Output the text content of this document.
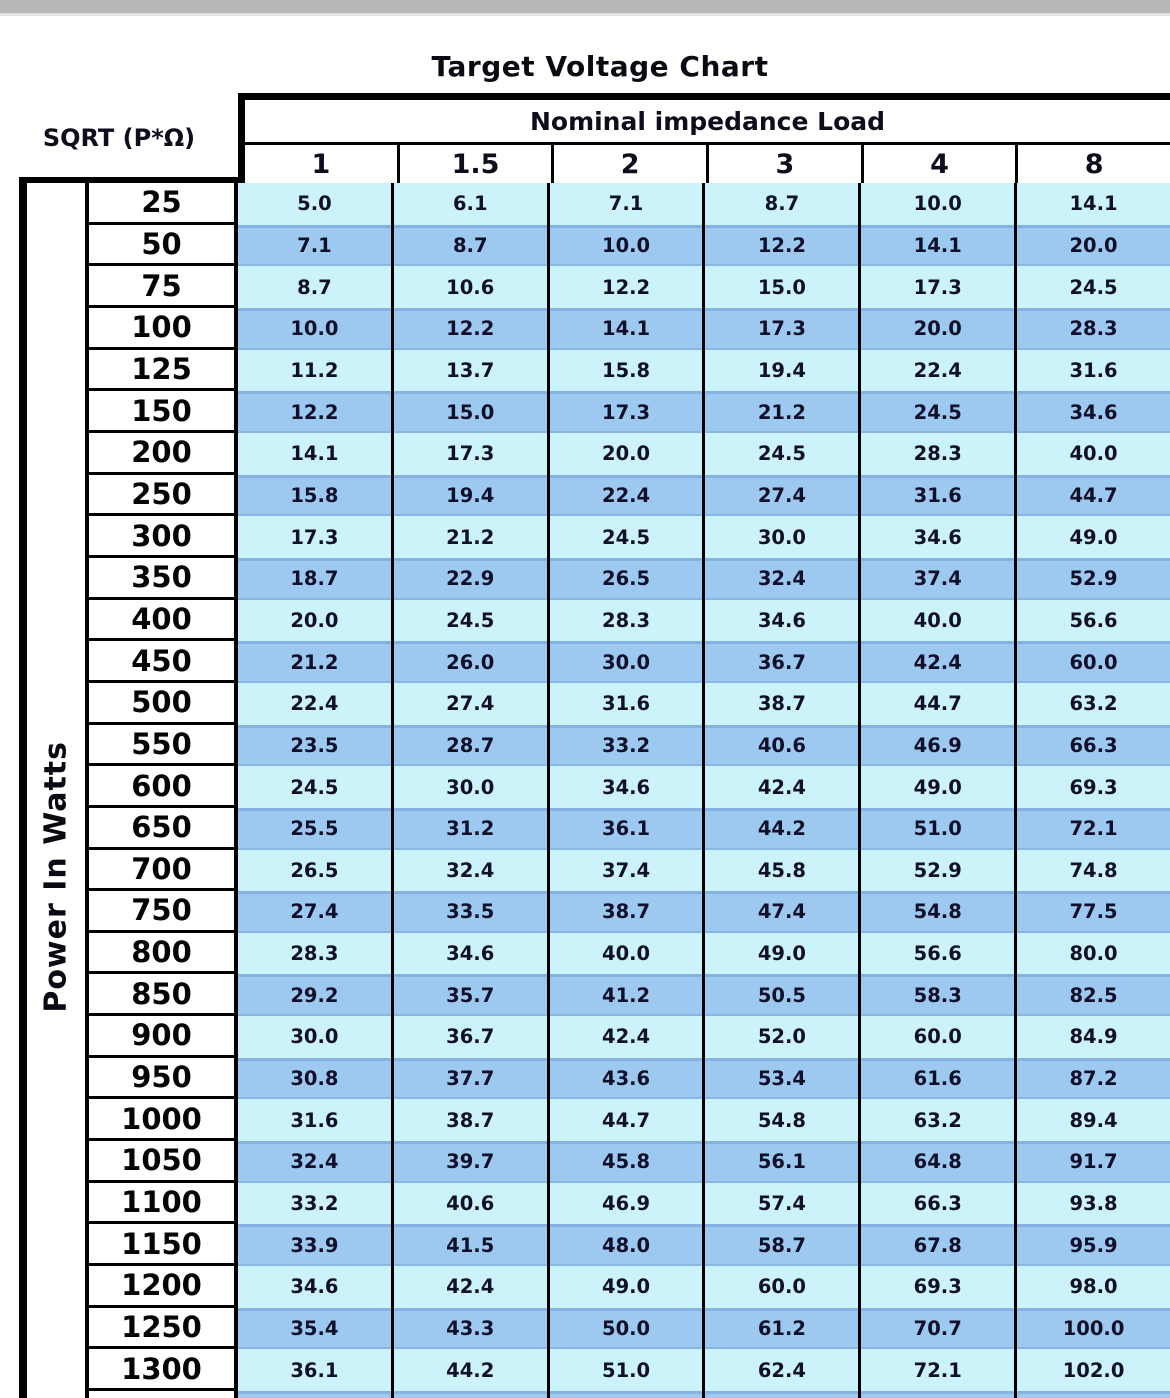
Target Voltage Chart
SQRT (P*Ω)
Nominal impedance Load
1	1.5	2	3	4	8
Power In Watts
25	5.0	6.1	7.1	8.7	10.0	14.1
50	7.1	8.7	10.0	12.2	14.1	20.0
75	8.7	10.6	12.2	15.0	17.3	24.5
100	10.0	12.2	14.1	17.3	20.0	28.3
125	11.2	13.7	15.8	19.4	22.4	31.6
150	12.2	15.0	17.3	21.2	24.5	34.6
200	14.1	17.3	20.0	24.5	28.3	40.0
250	15.8	19.4	22.4	27.4	31.6	44.7
300	17.3	21.2	24.5	30.0	34.6	49.0
350	18.7	22.9	26.5	32.4	37.4	52.9
400	20.0	24.5	28.3	34.6	40.0	56.6
450	21.2	26.0	30.0	36.7	42.4	60.0
500	22.4	27.4	31.6	38.7	44.7	63.2
550	23.5	28.7	33.2	40.6	46.9	66.3
600	24.5	30.0	34.6	42.4	49.0	69.3
650	25.5	31.2	36.1	44.2	51.0	72.1
700	26.5	32.4	37.4	45.8	52.9	74.8
750	27.4	33.5	38.7	47.4	54.8	77.5
800	28.3	34.6	40.0	49.0	56.6	80.0
850	29.2	35.7	41.2	50.5	58.3	82.5
900	30.0	36.7	42.4	52.0	60.0	84.9
950	30.8	37.7	43.6	53.4	61.6	87.2
1000	31.6	38.7	44.7	54.8	63.2	89.4
1050	32.4	39.7	45.8	56.1	64.8	91.7
1100	33.2	40.6	46.9	57.4	66.3	93.8
1150	33.9	41.5	48.0	58.7	67.8	95.9
1200	34.6	42.4	49.0	60.0	69.3	98.0
1250	35.4	43.3	50.0	61.2	70.7	100.0
1300	36.1	44.2	51.0	62.4	72.1	102.0
